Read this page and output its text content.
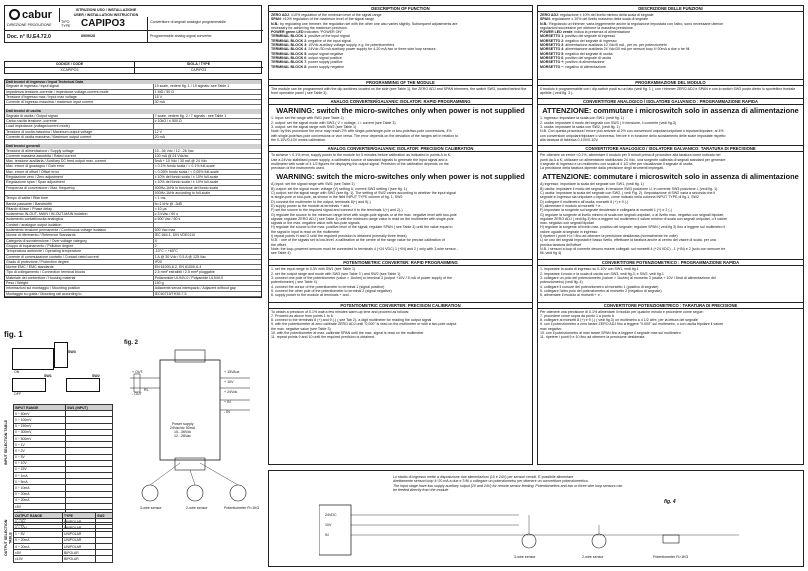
cabur	ISTRUZIONI USO / INSTALLAZIONE
USER / INSTALLATION INSTRUCTION
DIREZIONE PRODUZIONE
TIPO
TYPE CAPIPO3	Convertitore di segnali analogici programmabile
Doc. n° IU.E4.72.0	8909028	Programmable analog signal converter
CODICE / CODE	SIGLA / TYPE
XCAPIPO3	CAPIPO3
Dati tecnici di ingresso / Input Technical Data
Segnale di ingresso / Input signal	19 scale, vedere fig. 1 / 19 signals: see Table 1
Impedenza tensione-corrente / Impedance voltage-current mode	1 MΩ / 50 Ω
Tensione d'ingresso max / Input max voltage	15 V
Corrente di ingresso massima / maximum input current	30 mA
Dati tecnici di uscita
Segnale di uscita / Output signal	7 scale, vedere fig. 2 / 7 signals : see Table 1
Carico uscita tensione -corrente	≥ 10kΩ / ≤ 500 Ω
Load impedance (voltage/current mode)
Tensione di uscita massima / Maximum output voltage	12 V
Corrente di uscita massima / Maximum output current	20 mA
Dati tecnici generali
Tensione di alimentazione / Supply voltage	15...36 Vdc / 12...26 Vac
Corrente massima assorbita / Rated current	100 mA @ 24 Vdc/ac
Max. tensione ausiliaria / Auxiliary DC feed output max. current	5mA + 10 Vdc / 30 mA @ 24 Vdc
Max. errore di guadagno / Gain error	< 0.1% fondo scala / < 0.1% full-scale
Max. errore di offset / Offset error	< 0.05% fondo scala / < 0.05% full-scale
Regolazione zero / Zero adjustment	± 10% del fondo scala / ± 10% full-scale
Regolazione span / Span adjustment	± 10% del fondo scala / ± 10% full-scale
Frequenza di conversione / Max. frequency	400Hz-1kHz in funzione del fondo scala
400Hz-1kHz according to full-scale
Tempo di salita / Rise time	< 1 ms
Banda passante / Bandwidth	fc=1 kHz @ -3dB
Ritardo di fase / Phase delay	< 10 μs
Isolamento IN-OUT- MAIN / IN-OUT-MAIN isolation	≥ 3 kVac / 60 s
Isolamento contatti/uscita analogica	≥ 500 Vac / 60 s
Contact / analogue output isolation
Isolamento tensione permanente / Continuous voltage isolation	500 Vac max
Norme di riferimento / Reference Standards	IEC 664-1, DIN VDE0110
Categoria di sovratensione / Over voltage category	II
Gruppo di inquinamento / Pollution degree	2
Temperatura ambiente / Operating temperature	-10°C ÷ +65°C
Corrente di commutazione contatto / Contact rated current	1 A @ 30 Vdc / 0.5 A @ 125 Vac
Grado di protezione / Protection degree	IP20
Norme EMC / EMC standards	EN 61000-6-2, EN 61000-6-4
Tipo di collegamento / Connection terminal blocks	2.5 mm² estraibili / 2.5 mm² pluggable
Materiale del contenitore / Housing material	Poliammide UL94V-0 / Polyamide UL94V-0
Peso / Weight	150 g
Informazioni sul montaggio / Mounting position	Adiacente senza interspazio / Adjacent without gap
Montaggio su guida / Mounting rail according to	IEC60715/TH35-7.5
fig. 1
SW3
ON
SW1	SW2
OFF
INPUT SELECTION TABLE
INPUT RANGE	SW1 (INPUT)
0 ÷ 60mV	
0 ÷ 100mV	
0 ÷ 150mV	
0 ÷ 300mV	
0 ÷ 500mV	
0 ÷ 1V	
0 ÷ 2V	
0 ÷ 5V	
0 ÷ 10V	
0 ÷ 15V	
0 ÷ 1mA	
0 ÷ 5mA	
0 ÷ 10mA	
0 ÷ 20mA	
4 ÷ 20mA	
±5V	
±10V	
±20mA	
±1mA	
OUTPUT SELECTION TABLE
OUTPUT RANGE	TYPE	SW2
0 ÷ 5V	UNIPOLAR	
0 ÷ 10V	UNIPOLAR	
1 ÷ 5V	UNIPOLAR	
0 ÷ 20mA	UNIPOLAR	
4 ÷ 20mA	UNIPOLAR	
±5V	BIPOLAR	
±10V	BIPOLAR	
fig. 2
+ OUT
- OUT
+ 15VAux
+ 10V
+ 24Vdc
+ IN
- IN
Power supply
24Vac/dc 50mA
15...36Vdc
12...26Vac
3-wire sensor	2-wire sensor	Potentiometer R<1KΩ
RL
DESCRIPTION OF FUNCTION
ZERO ADJ: ±10% regulation of the minimum level of the signal range
SPAN: ±10% regulation of the maximum level of the signal range
N.B.: by regulating one trimmer, the regulation set with the other one also varies slightly. Subsequent adjustments are
necessary for achieving the maximum precision.
POWER green LED indicates "POWER ON"
TERMINAL BLOCK 1: positive of the input signal
TERMINAL BLOCK 2: negative of the input signal
TERMINAL BLOCK 3: 10Vdc auxiliary voltage supply, e.g. for potentiometers
TERMINAL BLOCK 4: 24Vdc /30 mA auxiliary power supply for 4-20 mA two or three wire loop sensors
TERMINAL BLOCK 5: output signal negative
TERMINAL BLOCK 6: output signal positive
TERMINAL BLOCK 7: power supply positive
TERMINAL BLOCK 8: power supply negative
PROGRAMMING OF THE MODULE
The module can be programmed with the dip-switches located on the side (see Table 1), the ZERO ADJ and SPAN trimmers, the switch SW3, located behind the front openable panel ( see Table 3).
ANALOG CONVERTER/GALVANIC ISOLATOR: RAPID PROGRAMMING
WARNING: switch the micro-switches only when power is not supplied
1. input: set the range with SW1 (see Table 1)
2. output: set the signal mode with SW3 ( V = voltage, I = current (see Table 3)
3. output: set the signal range with SW2 (see Table 1)
Note: by this procedure the error may reach 2% with single-pole/single-pole or two-pole/two-pole conversions, 4%
with single-pole/two-pole conversions or vice versa. The error depends on the deviation of the ranges set in relation to
the 0-10V/0-10V works calibration.
ANALOG CONVERTER/GALVANIC ISOLATOR: PRECISION CALIBRATION
To achieve < 0.1% error, supply power to the module for 5 minutes before calibration as indicated in points A to K.
Use a 24Vdc stabilised power supply, a calibrated source of standard signals to generate the input signal and a
multimeter with scale of 4 1/2 figures for displaying the output signal. Precision of the calibration depends on the
precision of the instruments used.
WARNING: switch the micro-switches only when power is not supplied
A) input: set the signal range with SW1 (see Table 1)
B) output: set the signal mode: voltage (V) setting U, current SW3 setting I (see fig. 1)
C) output: set the signal range with SW2 (see fig. 1). The setting of SW2 varies according to whether the input signal
is single-pole or two-pole, as shown in the field INPUT TYPE column of fig. 1, SW2
D) connect the multimeter to the output, terminals 8(+) and 9(-)
E) supply power to the module at terminals + and -
F) set the source to the required signal and connect it to the terminals 1(+) and 2(-)
G) regulate the source to the minimum range level with single-pole signals or at the max. negative level with two-pole
signals; regulate ZERO ADJ ( see Table 3) until the minimum range value is read on the multimeter with single-pole
signals or the max. negative value with two-pole signals
H) regulate the source to the max. positive level of the signal; regulate SPAN ( see Table 3) until the value equal to
the signal in input is read on the multimeter
I) repeat points H and G until the required precision is obtained (normally three times)
N.B. : one of the signals set is low-level, a calibration at the centre of the range value for precise calibration of
the offset.
Note: the loop-powered sensors must be connected to terminals 4 (+24 VDC) 1 (+IN) and 2 ( only with 3-wire sensor -
see Table 4)
POTENTIOMETRIC CONVERTER: RAPID PROGRAMMING
1. set the input range to 0-5V with SW1 (see Table 1)
2. set the output range and mode with SW3 (see Table 3 ) and SW2 (see Table 1)
3. connect one pole of the potentiometer (value > 1kohm) to terminal 3 (output +10V / 5 mA of power supply of the
potentiometer) ( see Table 4)
4. connect the cursor of the potentiometer to terminal 1 (signal positive)
5. connect the other pole of the potentiometer to terminal 2 (signal negative)
6. supply power to the module at terminals + and -
POTENTIOMETRIC CONVERTER: PRECISION CALIBRATION
To obtain a precision of 0.1% wait a few minutes warm-up time and proceed as follows:
7. Proceed as above from points 1 to 6
8. connect to the terminals 8 (+) and 9 (-) ( see Tab 2)- a digit multimeter for reading the output signal
9. with the potentiometer at zero calibrate ZERO ADJ until "0.000" is read on the multimeter or with a two-pole output
the max. negative value (see Table 3)
10. with the potentiometer at max. calibrate SPAN until the max. signal is read on the multimeter
11. repeat points 9 and 10 until the required precision is obtained.
DESCRIZIONE DELLE FUNZIONI
ZERO ADJ: regolazione ± 10% del livello minimo della scala di segnale
SPAN: regolazione ± 10% del livello massimo della scala di segnale
N.B.: Regolando un trimmer, varia leggermente anche la regolazione impostata con l'altro, sono necessarie ulteriori
regolazioni successive per ottenere la massima precisione.
POWER LED verde: indica la presenza di alimentazione
MORSETTO 1: positivo del segnale di ingresso
MORSETTO 2: negativo del segnale di ingresso
MORSETTO 3: alimentazione ausiliaria 10 Vdc/5 mA , per es. per potenziometri
MORSETTO 4: alimentazione ausiliaria 24 Vdc/30 mA per sensori loop 4÷20mA a due o tre fili
MORSETTO 5: negativo del segnale di uscita
MORSETTO 6: positivo del segnale di uscita
MORSETTO +: positivo di alimentazione
MORSETTO −: negativo di alimentazione
PROGRAMMAZIONE DEL MODULO
Il modulo è programmabile con i dip-switch posti su un lato (vedi fig. 1 ), con i trimmer ZERO ADJ e SPAN e con lo switch SW3 posto dietro lo sportellino frontale apribile ( vedi fig. 3 ).
CONVERTITORE ANALOGICO / ISOLATORE GALVANICO : PROGRAMMAZIONE RAPIDA
ATTENZIONE: commutare i microswitch solo in assenza di alimentazione
1. ingresso: impostare la scala con SW1: (vedi fig. 1)
2. uscita: impostare il modo del segnale con SW3 ( V=tensione, I=corrente (vedi fig.3)
3. uscita: impostare la scala con SW2, (vedi fig. 1)
N.B. Con questa procedura l'errore può arrivare al 2% con conversioni unipolari/unipolare o bipolare/bipolare, al 4%
con conversioni unipolare/bipolare o viceversa; l'errore è in funzione dello scostamento delle scale impostate rispetto
alla taratura di fabbrica 0-10V/0-10V.
CONVERTITORE ANALOGICO / ISOLATORE GALVANICO: TARATURA DI PRECISIONE
Per ottenere un errore <0.1%, alimentare il modulo per 5 minuti prima di procedere alla taratura come indicato nei
punti da A a K; utilizzare un alimentatore stabilizzato 24 Vdc, una sorgente calibrata di segnali standard per generare
il segnale di ingresso e un multimetro con scala di 4 1/2 cifre per visualizzare il segnale di uscita.
La precisione della taratura dipende dalla precisione degli strumenti impiegati.
ATTENZIONE: commutare i microswitch solo in assenza di alimentazione
A) ingresso: impostare la scala del segnale con SW1, (vedi fig. 1)
B) uscita: impostare il modo del segnale, in tensione SW3 posizione U, in corrente SW3 posizione I, (vedi fig. 1)
C) uscita: impostare la scala del segnale con SW2, ( vedi Fig. 2). l'impostazione di SW2 varia a seconda che il
segnale in ingresso sia unipolare o bipolare, come indicato nella colonna INPUT TYPE di fig.1, SW2
D) collegare il multimetro all'uscita, morsetti 8 (+) e 9 (-)
E) alimentare il modulo ai morsetti + e -
F) impostare la sorgente sul segnale desiderato e collegarla ai morsetti 1 (+) e 2 (-)
G) regolare la sorgente al livello minimo di scala con segnali unipolari, o al livello max. negativo con segnali bipolari;
regolare ZERO ADJ ( vedi fig.3) fino a leggere sul multimetro il valore minimo di scala con segnali unipolari, o il valore
max. negativo con segnali bipolari
H) regolare la sorgente al livello max. positivo del segnale; regolare SPAN ( vedi fig 3) fino a leggere sul multimetro il
valore uguale al segnale in ingresso
I) ripetere i punti H e I fino ad ottenere la precisione desiderata (normalmente tre volte)
L) se uno dei segnali impostati è basso livello, effettuare la taratura anche al centro del valore di scala, per una
precisa taratura dell'offset
N.B. I sensori a loop di corrente devono essere collegati: sui morsetti 4 (+24 VDC) - 1 (+IN) e 2 (solo con sensore tre
fili- vedi fig 4)
CONVERTITORE POTENZIOMETRICO : PROGRAMMAZIONE RAPIDA
1. impostare la scala di ingresso su 0-10V con SW1, vedi fig.1
2. impostare il modo e la scala di uscita con SW3, vedi fig.3; e SW2, vedi fig.1
3. collegare un polo del potenziometro (valore > 1kohm) al morsetto 3 (uscita + 10V / 5mA di alimentazione del
potenziometro) (vedi fig. 4)
4. collegare il cursore del potenziometro al morsetto 1 (positivo di segnale)
5. collegare l'altro polo del potenziometro al morsetto 2 (negativo di segnale)
6. alimentare il modulo ai morsetti + e -
CONVERTITORE POTENZIOMETRICO : TARATURA DI PRECISIONE
Per ottenere una precisione di 0.1% alimentare il modulo per qualche minuto e procedere come segue:
7. procedere come sopra da punto 1 a punto 6
8. collegare ai morsetti 8 (+) e 9 (-) ( vedi fig.3) un multimetro a 4 1/2 cifre, per la lettura del segnale
9. con il potenziometro a zero tarare ZERO ADJ fino a leggere "0.000" sul multimetro, o con uscita bipolare il valore
max negativo
10. con il potenziometro al max tarare SPAN fino a leggere il segnale max sul multimetro
11. ripetere i punti 9 e 10 fino ad ottenere la precisione desiderata
Lo stadio di ingresso mette a disposizione due alimentazioni (10 e 24V) per sensori remoti. È possibile alimentare
direttamente sensori loop 4÷20 mA a due e 3 fili o collegare un potenziometro per ottenere un convertitore potenziometrico.
The input stage have two supply auxiliary output (10 and 24V) for remote sensor feeding. Potentiometers and two or three wire loop sensors can
be feeded directly from the module
fig. 4
3-wire sensor	2-wire sensor	Potentiometer R>1KΩ
24VDC
10V
IN
